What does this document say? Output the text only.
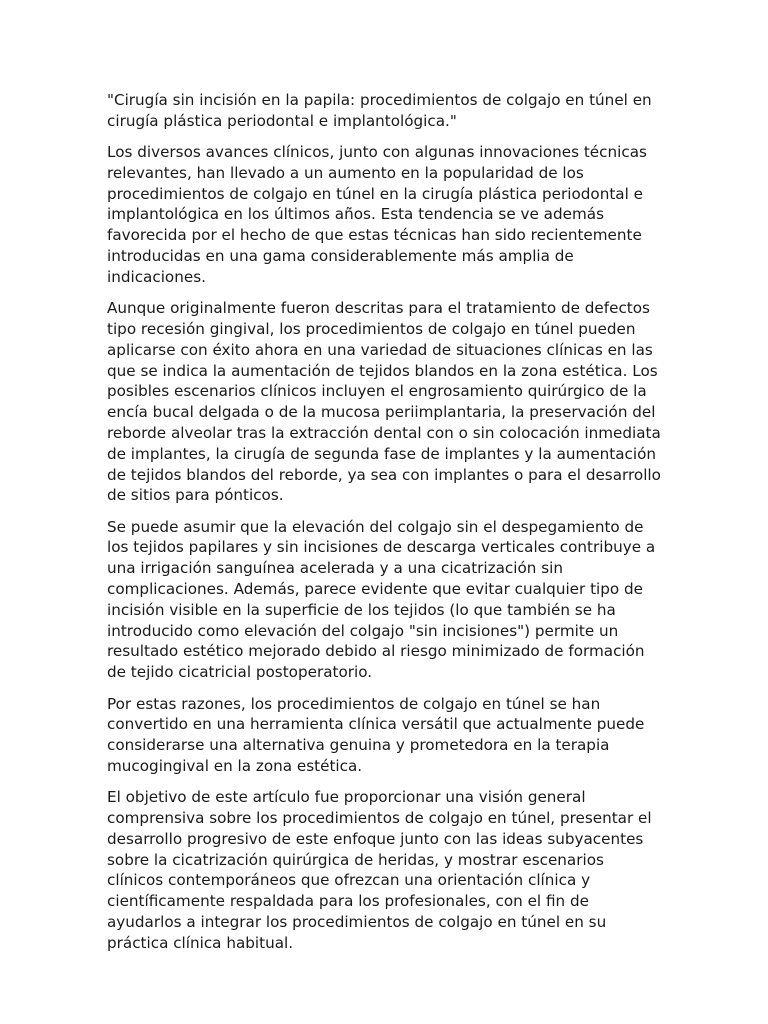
"Cirugía sin incisión en la papila: procedimientos de colgajo en túnel en cirugía plástica periodontal e implantológica."

Los diversos avances clínicos, junto con algunas innovaciones técnicas relevantes, han llevado a un aumento en la popularidad de los procedimientos de colgajo en túnel en la cirugía plástica periodontal e implantológica en los últimos años. Esta tendencia se ve además favorecida por el hecho de que estas técnicas han sido recientemente introducidas en una gama considerablemente más amplia de indicaciones.

Aunque originalmente fueron descritas para el tratamiento de defectos tipo recesión gingival, los procedimientos de colgajo en túnel pueden aplicarse con éxito ahora en una variedad de situaciones clínicas en las que se indica la aumentación de tejidos blandos en la zona estética. Los posibles escenarios clínicos incluyen el engrosamiento quirúrgico de la encía bucal delgada o de la mucosa periimplantaria, la preservación del reborde alveolar tras la extracción dental con o sin colocación inmediata de implantes, la cirugía de segunda fase de implantes y la aumentación de tejidos blandos del reborde, ya sea con implantes o para el desarrollo de sitios para pónticos.

Se puede asumir que la elevación del colgajo sin el despegamiento de los tejidos papilares y sin incisiones de descarga verticales contribuye a una irrigación sanguínea acelerada y a una cicatrización sin complicaciones. Además, parece evidente que evitar cualquier tipo de incisión visible en la superficie de los tejidos (lo que también se ha introducido como elevación del colgajo "sin incisiones") permite un resultado estético mejorado debido al riesgo minimizado de formación de tejido cicatricial postoperatorio.

Por estas razones, los procedimientos de colgajo en túnel se han convertido en una herramienta clínica versátil que actualmente puede considerarse una alternativa genuina y prometedora en la terapia mucogingival en la zona estética.

El objetivo de este artículo fue proporcionar una visión general comprensiva sobre los procedimientos de colgajo en túnel, presentar el desarrollo progresivo de este enfoque junto con las ideas subyacentes sobre la cicatrización quirúrgica de heridas, y mostrar escenarios clínicos contemporáneos que ofrezcan una orientación clínica y científicamente respaldada para los profesionales, con el fin de ayudarlos a integrar los procedimientos de colgajo en túnel en su práctica clínica habitual.
